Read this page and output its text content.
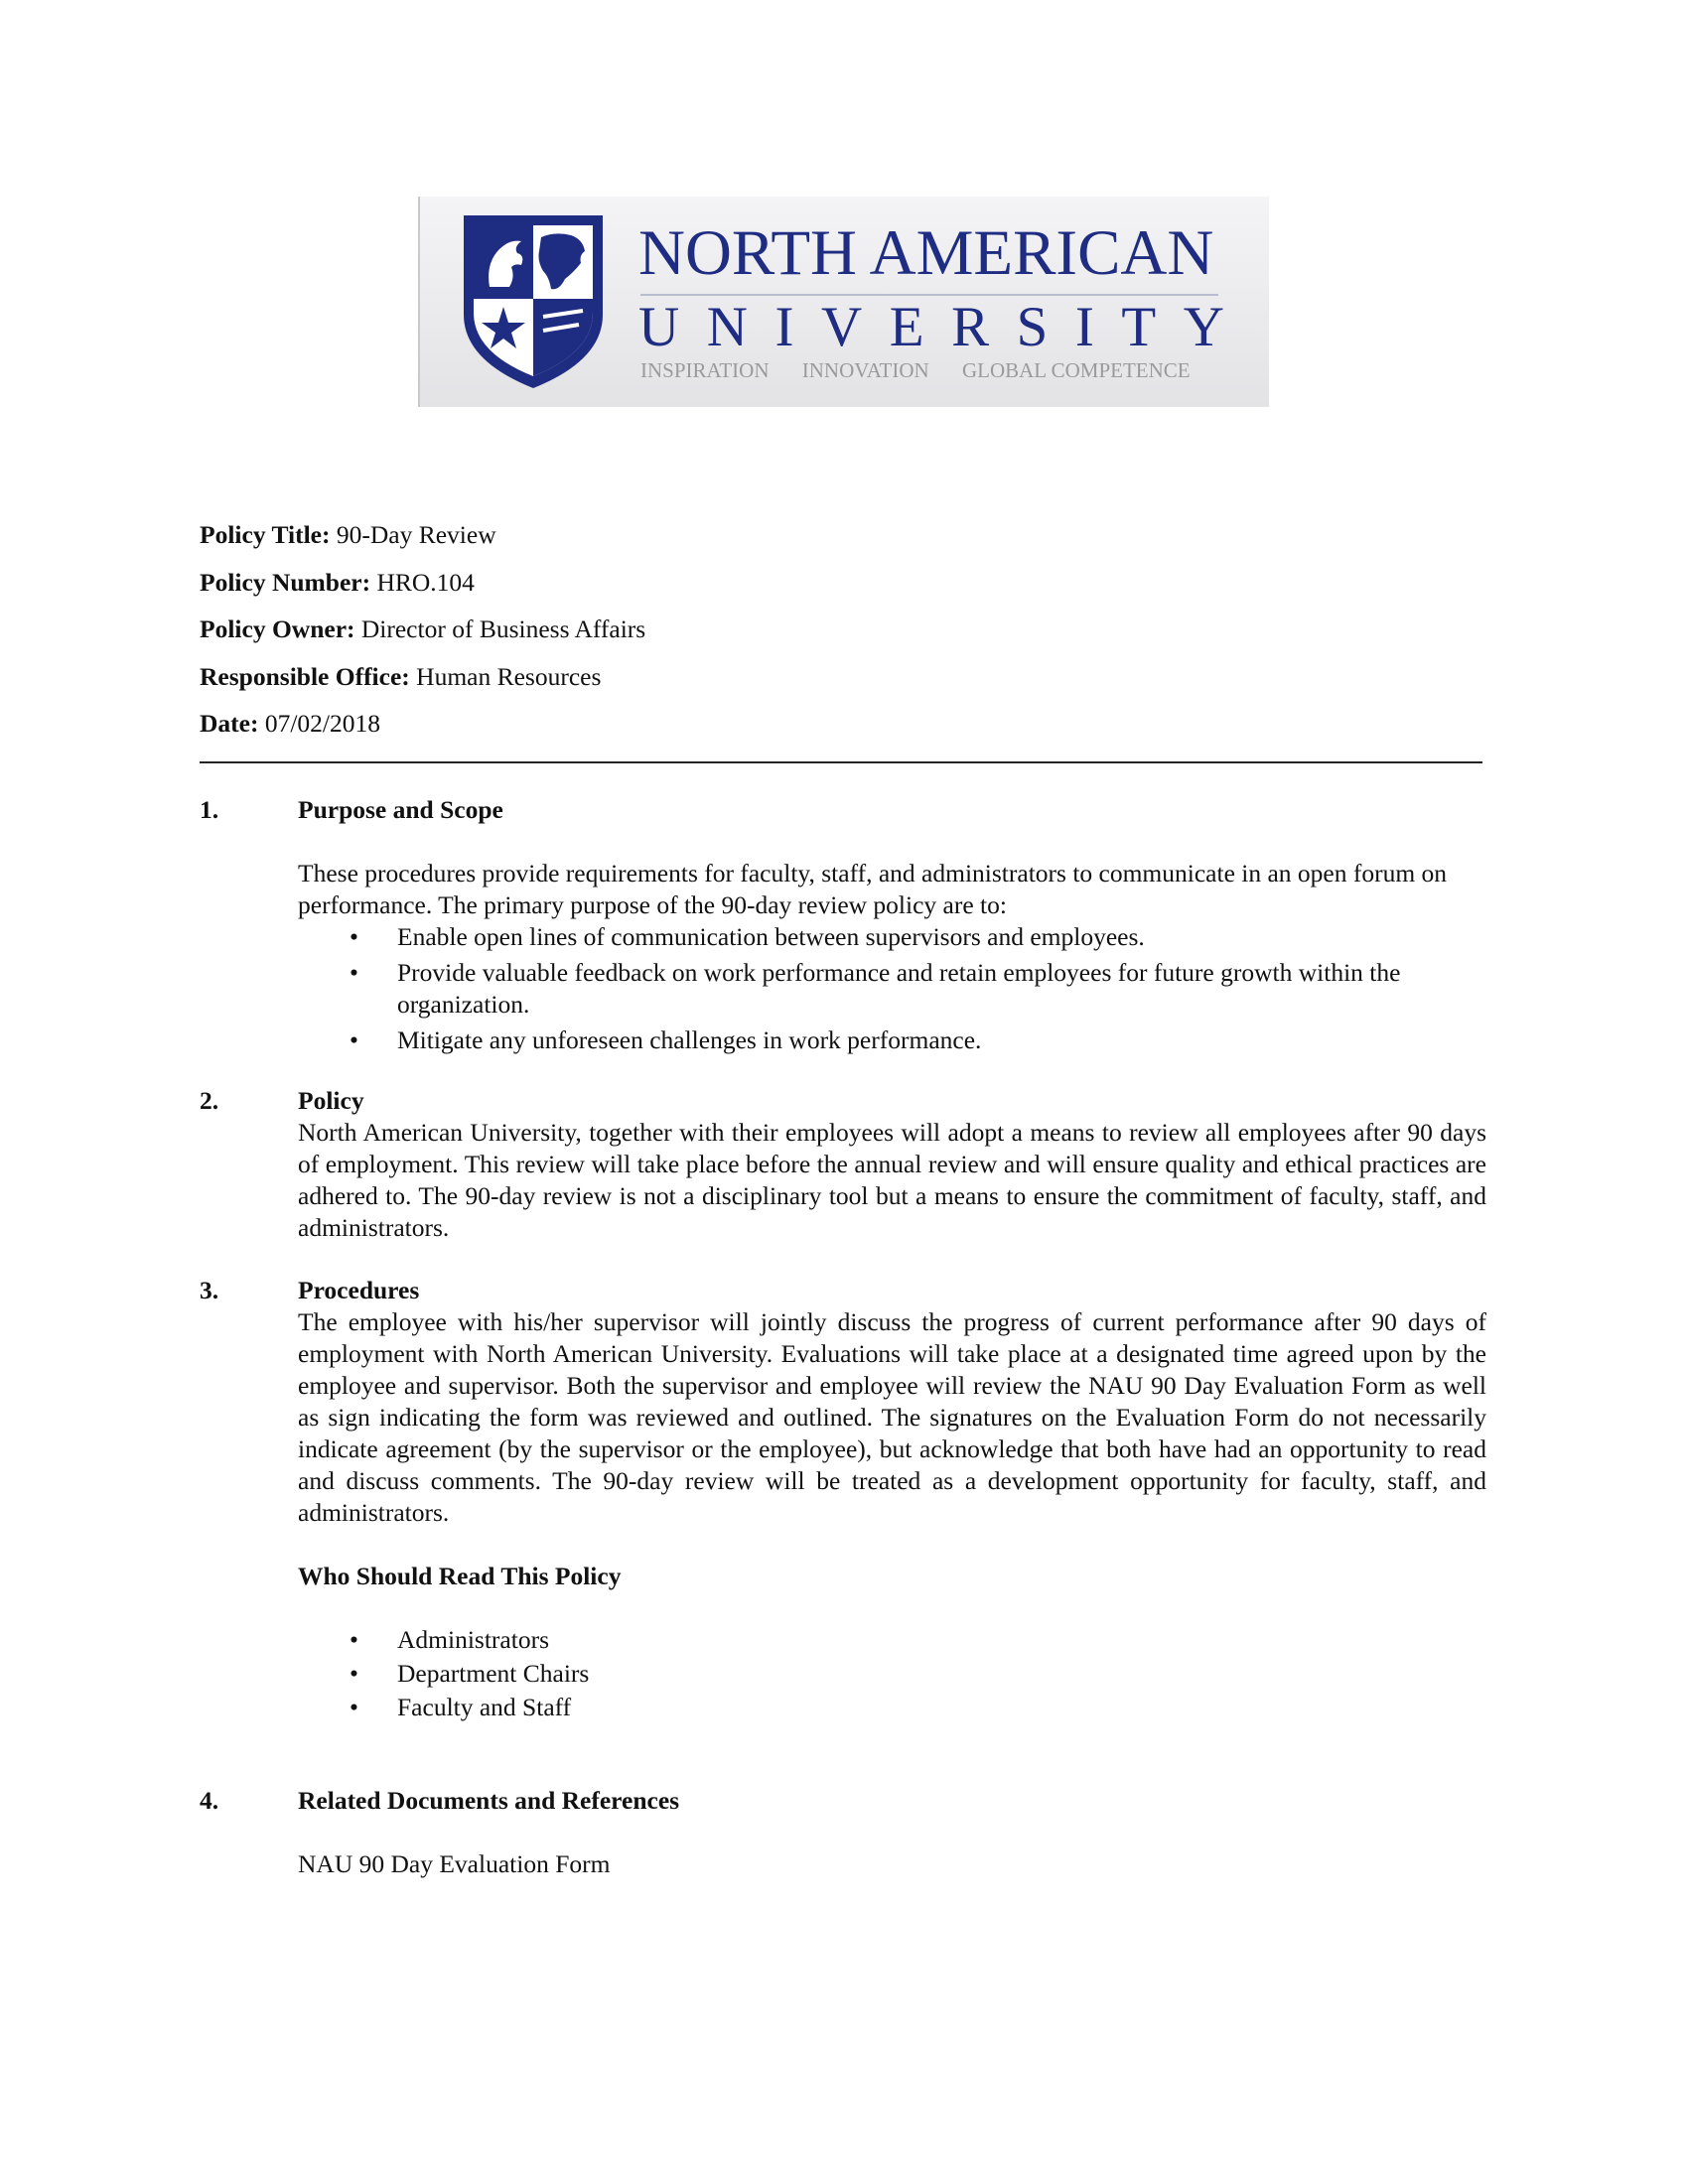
NORTH AMERICAN
U N I V E R S I T Y
INSPIRATION INNOVATION GLOBAL COMPETENCE
Policy Title: 90-Day Review
Policy Number: HRO.104
Policy Owner: Director of Business Affairs
Responsible Office: Human Resources
Date: 07/02/2018
1.	Purpose and Scope
These procedures provide requirements for faculty, staff, and administrators to communicate in an open forum on performance. The primary purpose of the 90-day review policy are to:
• Enable open lines of communication between supervisors and employees.
• Provide valuable feedback on work performance and retain employees for future growth within the organization.
• Mitigate any unforeseen challenges in work performance.
2.	Policy
North American University, together with their employees will adopt a means to review all employees after 90 days of employment. This review will take place before the annual review and will ensure quality and ethical practices are adhered to. The 90-day review is not a disciplinary tool but a means to ensure the commitment of faculty, staff, and administrators.
3.	Procedures
The employee with his/her supervisor will jointly discuss the progress of current performance after 90 days of employment with North American University. Evaluations will take place at a designated time agreed upon by the employee and supervisor. Both the supervisor and employee will review the NAU 90 Day Evaluation Form as well as sign indicating the form was reviewed and outlined. The signatures on the Evaluation Form do not necessarily indicate agreement (by the supervisor or the employee), but acknowledge that both have had an opportunity to read and discuss comments. The 90-day review will be treated as a development opportunity for faculty, staff, and administrators.
Who Should Read This Policy
• Administrators
• Department Chairs
• Faculty and Staff
4.	Related Documents and References
NAU 90 Day Evaluation Form
